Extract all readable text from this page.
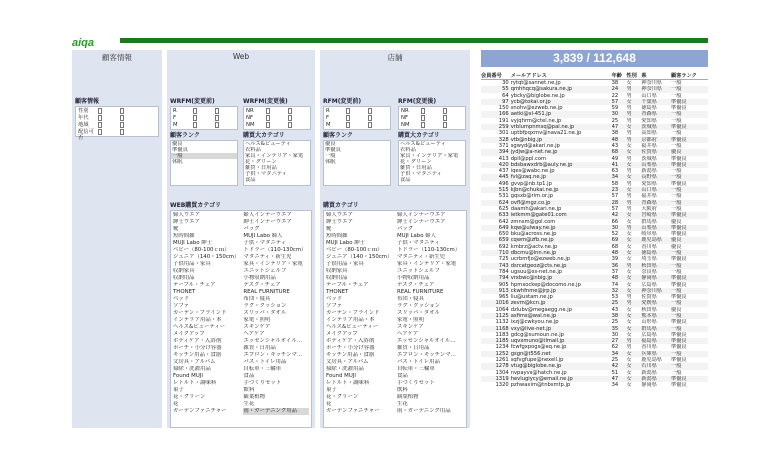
aiqa
顧客情報
顧客情報
性別
年代
地域
配信可否
Web
WRFM(変更前)
R
F
M
WRFM(変更後)
NR
NF
NM
顧客ランク
優良
準優良
一般
休眠
購買大カテゴリ
ヘルス&ビューティ
衣料品
家具・インテリア・家電
花・グリーン
雑貨・日用品
子供・マタニティ
食品
WEB購買カテゴリ
婦人ウエア
紳士ウエア
靴
短時間雑
MUJI Labo 紳士
ベビー（80-100ｃｍ）
ジュニア（140・150cm）
子供用品・家具
収納家具
収納用品
テーブル・チェア
THONET
ベッド
ソファ
カーテン・ブラインド
インテリア用品・本
ヘルス&ビューティー
メイクアップ
ボディケア・入浴剤
ポーチ・小分け容器
キッチン用品・食器
文房具・アルバム
掃除・洗濯用品
Found MUJI
レトルト・調味料
菓子
花・グリーン
花
ガーデンファニチャー
婦人インナーウエア
紳士インナーウエア
バッグ
MUJI Labo 婦人
子供・マタニティ
トドラー（110-130cm）
マタニティ・新生児
家具・インテリア・家電
ユニットシェルフ
小物収納用品
デスク・チェア
REAL FURNITURE
布団・寝具
ラグ・クッション
スリッパ・タオル
家電・照明
スキンケア
ヘアケア
エッセンシャルオイル…
雑貨・日用品
エプロン・キッチンマ…
バス・トイレ用品
自転車・三輪車
食品
手づくりセット
飲料
観葉植物
生花
雨・ガーデニング用品
店舗
RFM(変更前)
R
F
M
RFM(変更後)
NR
NF
NM
顧客ランク
優良
準優良
一般
休眠
購買大カテゴリ
ヘルス&ビューティ
衣料品
家具・インテリア・家電
花・グリーン
雑貨・日用品
子供・マタニティ
食品
購買カテゴリ
婦人ウエア
紳士ウエア
靴
短時間雑
MUJI Labo 紳士
ベビー（80-100ｃｍ）
ジュニア（140・150cm）
子供用品・家具
収納家具
収納用品
テーブル・チェア
THONET
ベッド
ソファ
カーテン・ブラインド
インテリア用品・本
ヘルス&ビューティー
メイクアップ
ボディケア・入浴剤
ポーチ・小分け容器
キッチン用品・食器
文房具・アルバム
掃除・洗濯用品
Found MUJI
レトルト・調味料
菓子
花・グリーン
花
ガーデンファニチャー
婦人インナーウエア
紳士インナーウエア
バッグ
MUJI Labo 婦人
子供・マタニティ
トドラー（110-130cm）
マタニティ・新生児
家具・インテリア・家電
ユニットシェルフ
小物収納用品
デスク・チェア
REAL FURNITURE
布団・寝具
ラグ・クッション
スリッパ・タオル
家電・照明
スキンケア
ヘアケア
エッセンシャルオイル…
雑貨・日用品
エプロン・キッチンマ…
バス・トイレ用品
自転車・三輪車
食品
手づくりセット
飲料
観葉植物
生花
雨・ガーデニング用品
3,839 / 112,648
会員番号	メールアドレス	年齢	性別	県	顧客ランク
30	rytqt@sannet.ne.jp	38	女	神奈川県	一般
55	qmhhqcq@sakura.ne.jp	24	男	神奈川県	一般
64	ybcky@biglobe.ne.jp	22	男	山口県	一般
97	ycb@tokai.or.jp	57	女	千葉県	準優良
150	snohv@ezweb.ne.jp	59	男	徳島県	準優良
166	aetki@sl-451.jp	30	男	青森県	一般
191	vyjqhrm@ctel.ne.jp	25	男	愛知県	一般
259	vrblumpnmsq@pal.ne.jp	47	女	茨城県	準優良
301	uptbfpqxmv@nava21.ne.jp	38	男	高知県	一般
328	vtb@nbig.jp	48	男	京都府	準優良
371	sgwyd@akari.ne.jp	43	女	福井県	一般
394	jydjw@a-net.ne.jp	68	女	佐賀県	優良
413	dpll@ppl.com	49	男	茨城県	準優良
420	bdsbawxdrb@auly.ne.jp	41	女	山梨県	準優良
437	iqes@wabc.ne.jp	63	男	新潟県	一般
445	fvl@zaq.ne.jp	34	女	長野県	一般
496	gvvp@nb.tp1.jp	58	男	愛知県	準優良
515	kjbn@chukai.ne.jp	23	女	山口県	一般
531	gqsxb@rim.or.jp	57	男	福井県	一般
624	ovfl@mgz.co.jp	28	男	青森県	一般
625	daamh@akari.ne.jp	57	男	大阪府	一般
633	ietkmm@gate01.com	42	女	宮崎県	準優良
642	zmnsm@gol.com	66	女	群馬県	優良
649	kqw@ulway.ne.jp	30	男	山梨県	準優良
650	bku@across.ne.jp	52	女	岐阜県	準優良
659	cqwm@zfb.ne.jp	69	女	鹿児島県	優良
692	kmbrz@actv.ne.jp	68	女	香川県	優良
710	dbcmu@lnn.ne.jp	48	女	徳島県	一般
725	ucrbmfjo@ezweb.ne.jp	39	女	埼玉県	準優良
743	dsrcatgeoz@cts.ne.jp	36	男	秋田県	一般
784	ugsuu@ss-net.ne.jp	37	女	奈良県	一般
794	vrxbwc@nbig.jp	48	女	静岡県	準優良
905	hpmxockep@docomo.ne.jp	74	女	広島県	準優良
913	ckwhfnme@jrp.jp	32	女	神奈川県	一般
965	liu@ustam.ne.jp	53	男	佐賀県	準優良
1016	zevm@kcn.jp	25	男	愛媛県	一般
1064	dzlubv@megaegg.ne.jp	43	女	秋田県	優良
1125	asfims@wal.ne.jp	38	女	熊本県	一般
1132	ixzj@cwkyou.ne.jp	25	女	山形県	準優良
1168	vxy@live-net.jp	35	女	群馬県	一般
1183	gdcg@sumoun.ne.jp	30	女	広島県	準優良
1185	uqvxmuno@tlmail.jp	27	男	福島県	準優良
1234	fcwfgxpogs@eq.ne.jp	62	男	香川県	準優良
1252	gsgn@t556.net	34	女	兵庫県	一般
1261	sqfvgfupe@nexell.jp	25	女	鹿児島県	準優良
1278	vtug@biglobe.ne.jp	42	女	石川県	一般
1304	nvpayvs@hatch.ne.jp	51	女	新潟県	一般
1319	hevlugiycy@email.ne.jp	47	女	新潟県	準優良
1320	pzhwaxim@tnbsmtp.jp	34	女	静岡県	準優良
